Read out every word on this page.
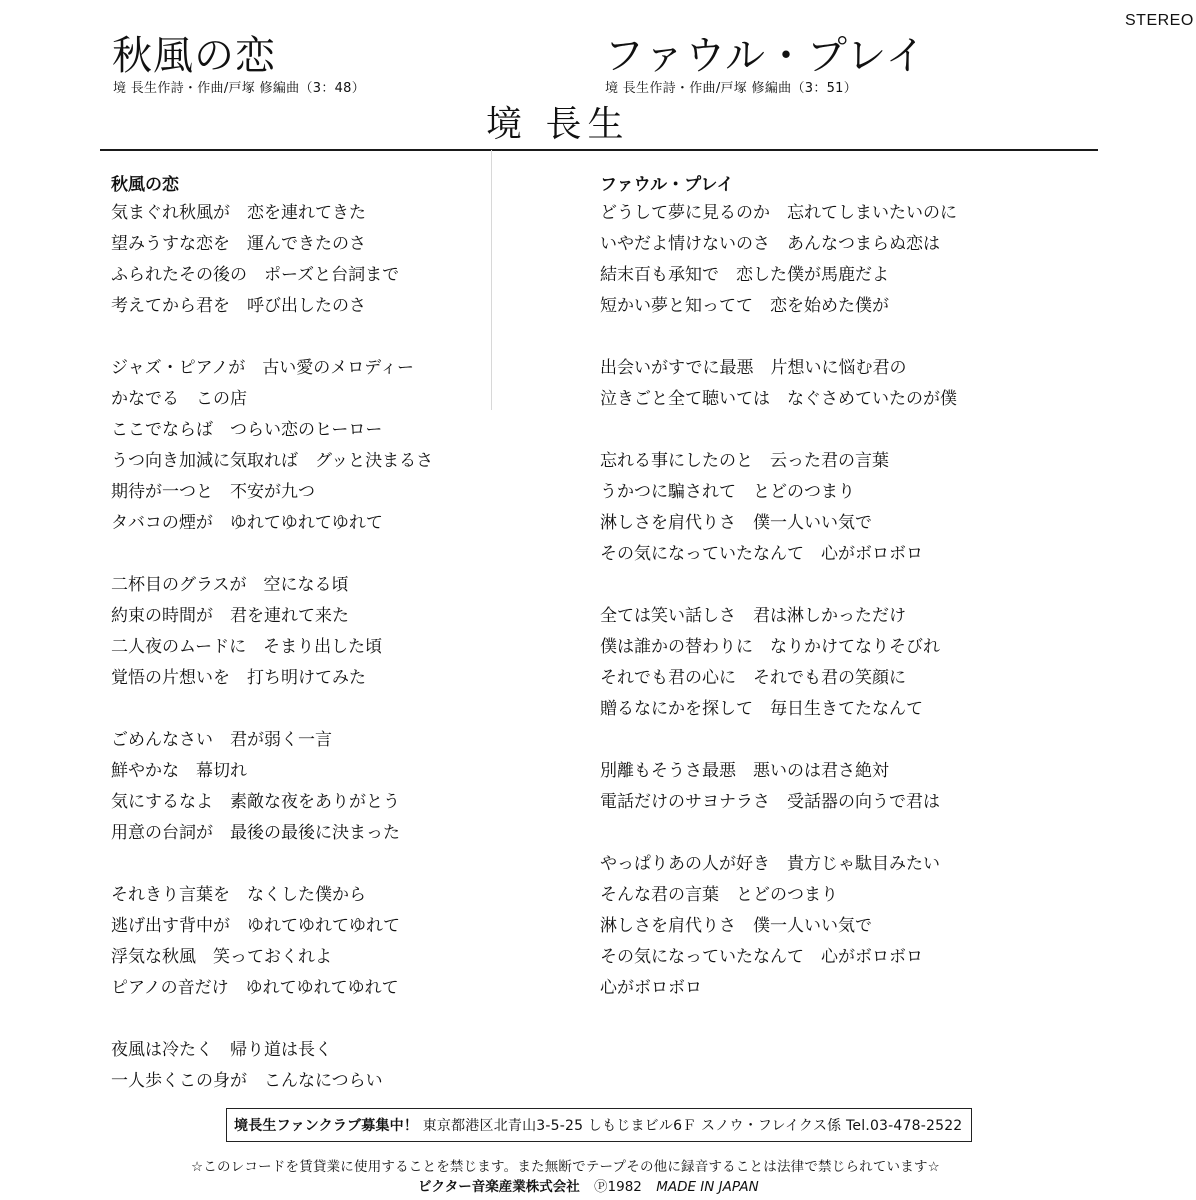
STEREO
秋風の恋
境 長生作詩・作曲/戸塚 修編曲（3：48）
ファウル・プレイ
境 長生作詩・作曲/戸塚 修編曲（3：51）
境 長生
秋風の恋
気まぐれ秋風が　恋を連れてきた
望みうすな恋を　運んできたのさ
ふられたその後の　ポーズと台詞まで
考えてから君を　呼び出したのさ
ジャズ・ピアノが　古い愛のメロディー
かなでる　この店
ここでならば　つらい恋のヒーロー
うつ向き加減に気取れば　グッと決まるさ
期待が一つと　不安が九つ
タバコの煙が　ゆれてゆれてゆれて
二杯目のグラスが　空になる頃
約束の時間が　君を連れて来た
二人夜のムードに　そまり出した頃
覚悟の片想いを　打ち明けてみた
ごめんなさい　君が弱く一言
鮮やかな　幕切れ
気にするなよ　素敵な夜をありがとう
用意の台詞が　最後の最後に決まった
それきり言葉を　なくした僕から
逃げ出す背中が　ゆれてゆれてゆれて
浮気な秋風　笑っておくれよ
ピアノの音だけ　ゆれてゆれてゆれて
夜風は冷たく　帰り道は長く
一人歩くこの身が　こんなにつらい
ファウル・プレイ
どうして夢に見るのか　忘れてしまいたいのに
いやだよ情けないのさ　あんなつまらぬ恋は
結末百も承知で　恋した僕が馬鹿だよ
短かい夢と知ってて　恋を始めた僕が
出会いがすでに最悪　片想いに悩む君の
泣きごと全て聴いては　なぐさめていたのが僕
忘れる事にしたのと　云った君の言葉
うかつに騙されて　とどのつまり
淋しさを肩代りさ　僕一人いい気で
その気になっていたなんて　心がボロボロ
全ては笑い話しさ　君は淋しかっただけ
僕は誰かの替わりに　なりかけてなりそびれ
それでも君の心に　それでも君の笑顔に
贈るなにかを探して　毎日生きてたなんて
別離もそうさ最悪　悪いのは君さ絶対
電話だけのサヨナラさ　受話器の向うで君は
やっぱりあの人が好き　貴方じゃ駄目みたい
そんな君の言葉　とどのつまり
淋しさを肩代りさ　僕一人いい気で
その気になっていたなんて　心がボロボロ
心がボロボロ
境長生ファンクラブ募集中！ 東京都港区北青山3-5-25 しもじまビル6Ｆ スノウ・フレイクス係 Tel.03-478-2522
☆このレコードを賃貸業に使用することを禁じます。また無断でテープその他に録音することは法律で禁じられています☆
ビクター音楽産業株式会社 Ⓟ1982 MADE IN JAPAN
